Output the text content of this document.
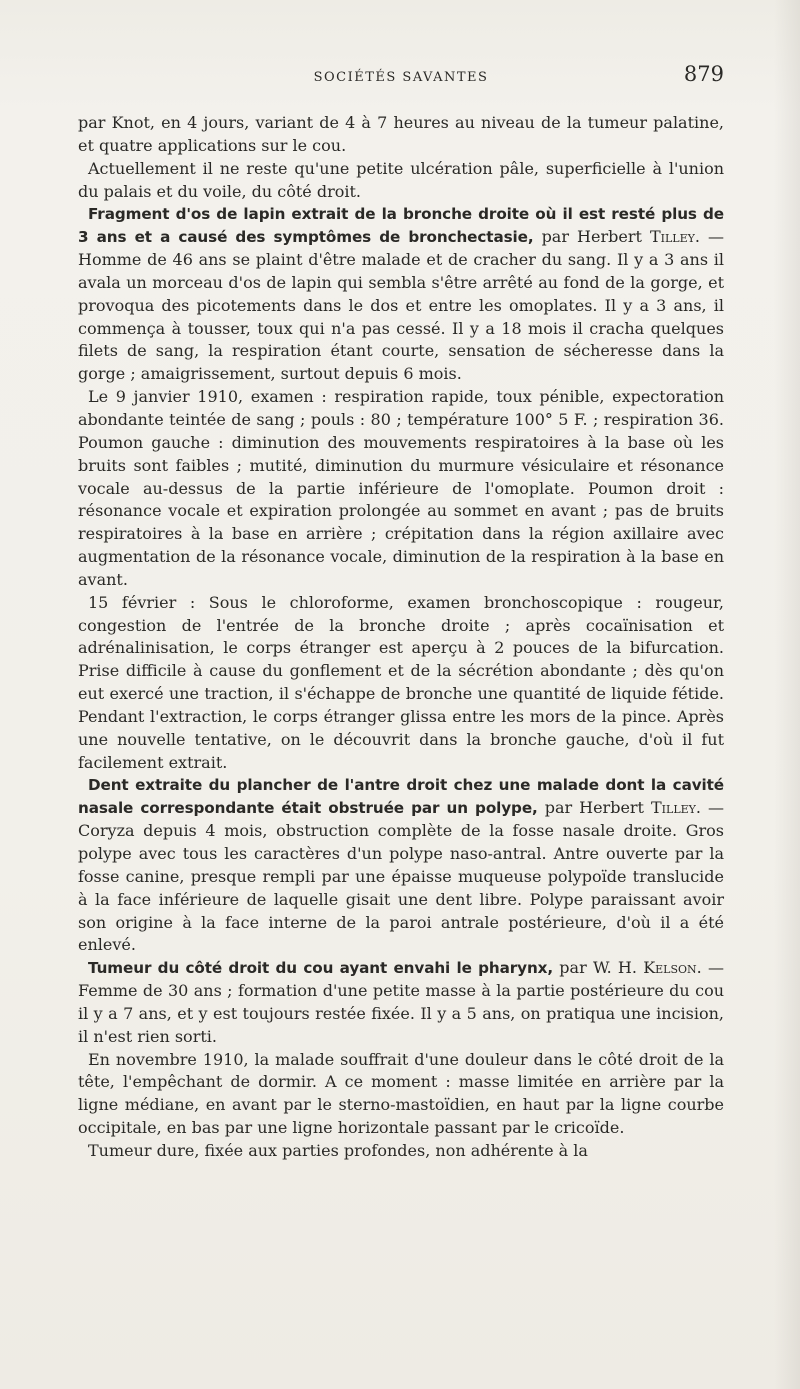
SOCIÉTÉS SAVANTES	879

par Knot, en 4 jours, variant de 4 à 7 heures au niveau de la tumeur palatine, et quatre applications sur le cou.

Actuellement il ne reste qu'une petite ulcération pâle, superficielle à l'union du palais et du voile, du côté droit.

Fragment d'os de lapin extrait de la bronche droite où il est resté plus de 3 ans et a causé des symptômes de bronchectasie, par Herbert Tilley. — Homme de 46 ans se plaint d'être malade et de cracher du sang. Il y a 3 ans il avala un morceau d'os de lapin qui sembla s'être arrêté au fond de la gorge, et provoqua des picotements dans le dos et entre les omoplates. Il y a 3 ans, il commença à tousser, toux qui n'a pas cessé. Il y a 18 mois il cracha quelques filets de sang, la respiration étant courte, sensation de sécheresse dans la gorge ; amaigrissement, surtout depuis 6 mois.

Le 9 janvier 1910, examen : respiration rapide, toux pénible, expectoration abondante teintée de sang ; pouls : 80 ; température 100° 5 F. ; respiration 36. Poumon gauche : diminution des mouvements respiratoires à la base où les bruits sont faibles ; mutité, diminution du murmure vésiculaire et résonance vocale au-dessus de la partie inférieure de l'omoplate. Poumon droit : résonance vocale et expiration prolongée au sommet en avant ; pas de bruits respiratoires à la base en arrière ; crépitation dans la région axillaire avec augmentation de la résonance vocale, diminution de la respiration à la base en avant.

15 février : Sous le chloroforme, examen bronchoscopique : rougeur, congestion de l'entrée de la bronche droite ; après cocaïnisation et adrénalinisation, le corps étranger est aperçu à 2 pouces de la bifurcation. Prise difficile à cause du gonflement et de la sécrétion abondante ; dès qu'on eut exercé une traction, il s'échappe de bronche une quantité de liquide fétide. Pendant l'extraction, le corps étranger glissa entre les mors de la pince. Après une nouvelle tentative, on le découvrit dans la bronche gauche, d'où il fut facilement extrait.

Dent extraite du plancher de l'antre droit chez une malade dont la cavité nasale correspondante était obstruée par un polype, par Herbert Tilley. — Coryza depuis 4 mois, obstruction complète de la fosse nasale droite. Gros polype avec tous les caractères d'un polype naso-antral. Antre ouverte par la fosse canine, presque rempli par une épaisse muqueuse polypoïde translucide à la face inférieure de laquelle gisait une dent libre. Polype paraissant avoir son origine à la face interne de la paroi antrale postérieure, d'où il a été enlevé.

Tumeur du côté droit du cou ayant envahi le pharynx, par W. H. Kelson. — Femme de 30 ans ; formation d'une petite masse à la partie postérieure du cou il y a 7 ans, et y est toujours restée fixée. Il y a 5 ans, on pratiqua une incision, il n'est rien sorti.

En novembre 1910, la malade souffrait d'une douleur dans le côté droit de la tête, l'empêchant de dormir. A ce moment : masse limitée en arrière par la ligne médiane, en avant par le sterno-mastoïdien, en haut par la ligne courbe occipitale, en bas par une ligne horizontale passant par le cricoïde.

Tumeur dure, fixée aux parties profondes, non adhérente à la
